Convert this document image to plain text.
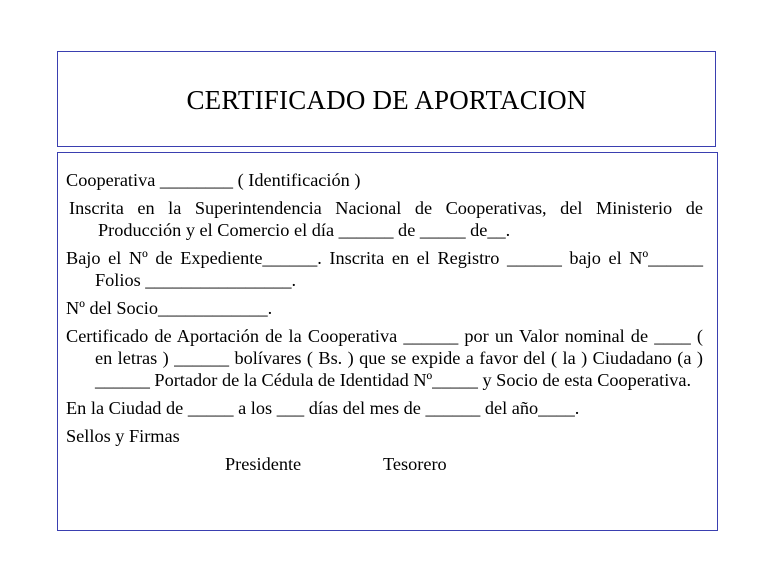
CERTIFICADO DE APORTACION

Cooperativa ________ ( Identificación )

Inscrita en la Superintendencia Nacional de Cooperativas, del Ministerio de Producción y el Comercio el día ______ de _____ de__.

Bajo el Nº de Expediente______. Inscrita en el Registro ______ bajo el Nº______ Folios ________________.

Nº del Socio____________.

Certificado de Aportación de la Cooperativa ______ por un Valor nominal de ____ ( en letras ) ______ bolívares ( Bs. ) que se expide a favor del ( la ) Ciudadano (a ) ______ Portador de la Cédula de Identidad Nº_____ y Socio de esta Cooperativa.

En la Ciudad de _____ a los ___ días del mes de ______ del año____.

Sellos y Firmas

Presidente	Tesorero
